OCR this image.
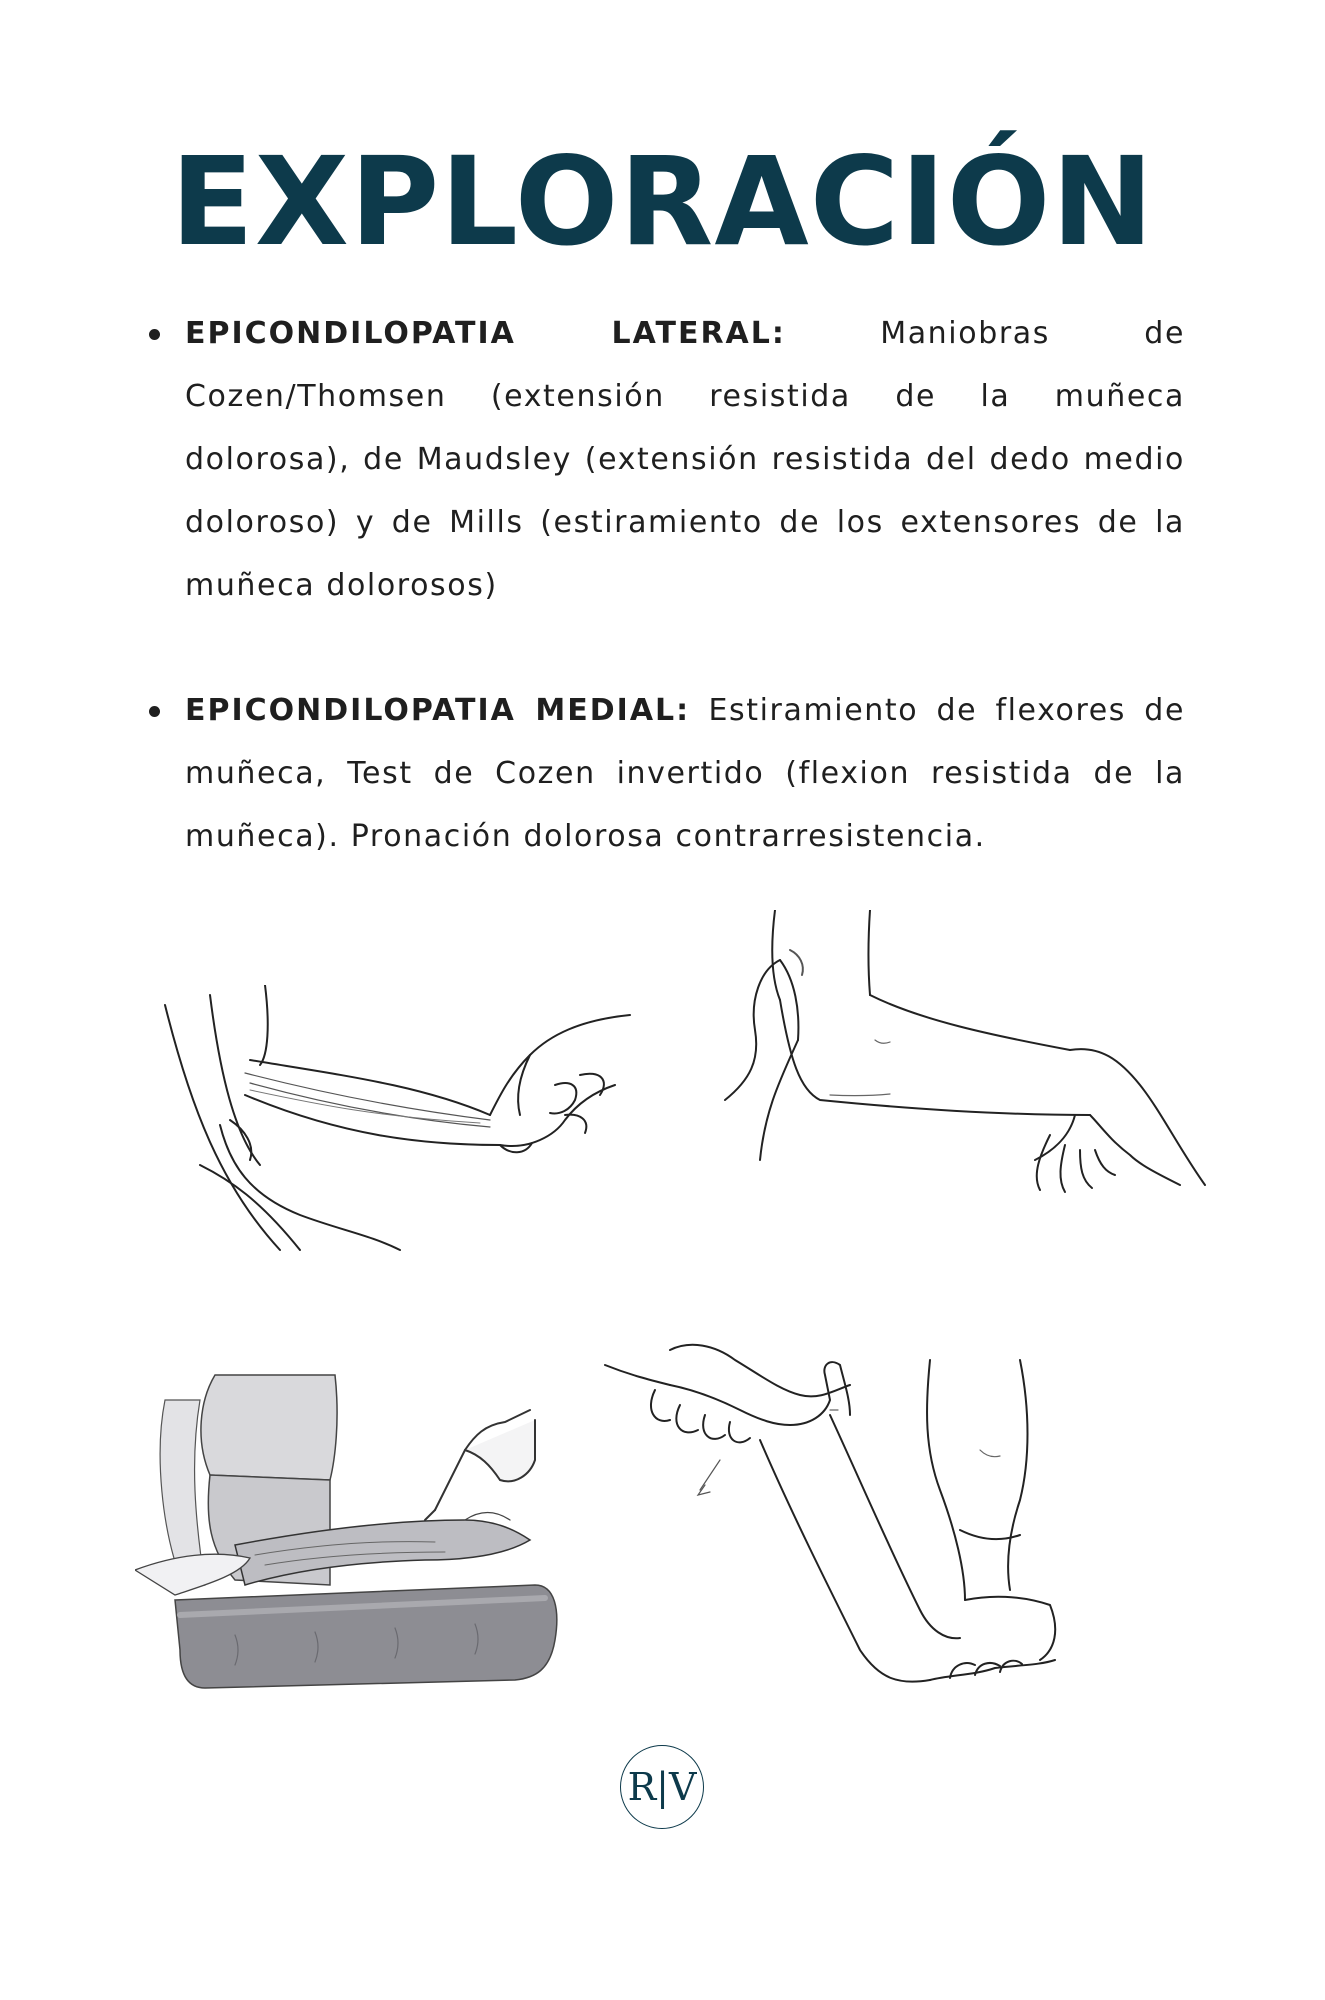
EXPLORACIÓN
EPICONDILOPATIA LATERAL: Maniobras de Cozen/Thomsen (extensión resistida de la muñeca dolorosa), de Maudsley (extensión resistida del dedo medio doloroso) y de Mills (estiramiento de los extensores de la muñeca dolorosos)
EPICONDILOPATIA MEDIAL: Estiramiento de flexores de muñeca, Test de Cozen invertido (flexion resistida de la muñeca). Pronación dolorosa contrarresistencia.
R|V
